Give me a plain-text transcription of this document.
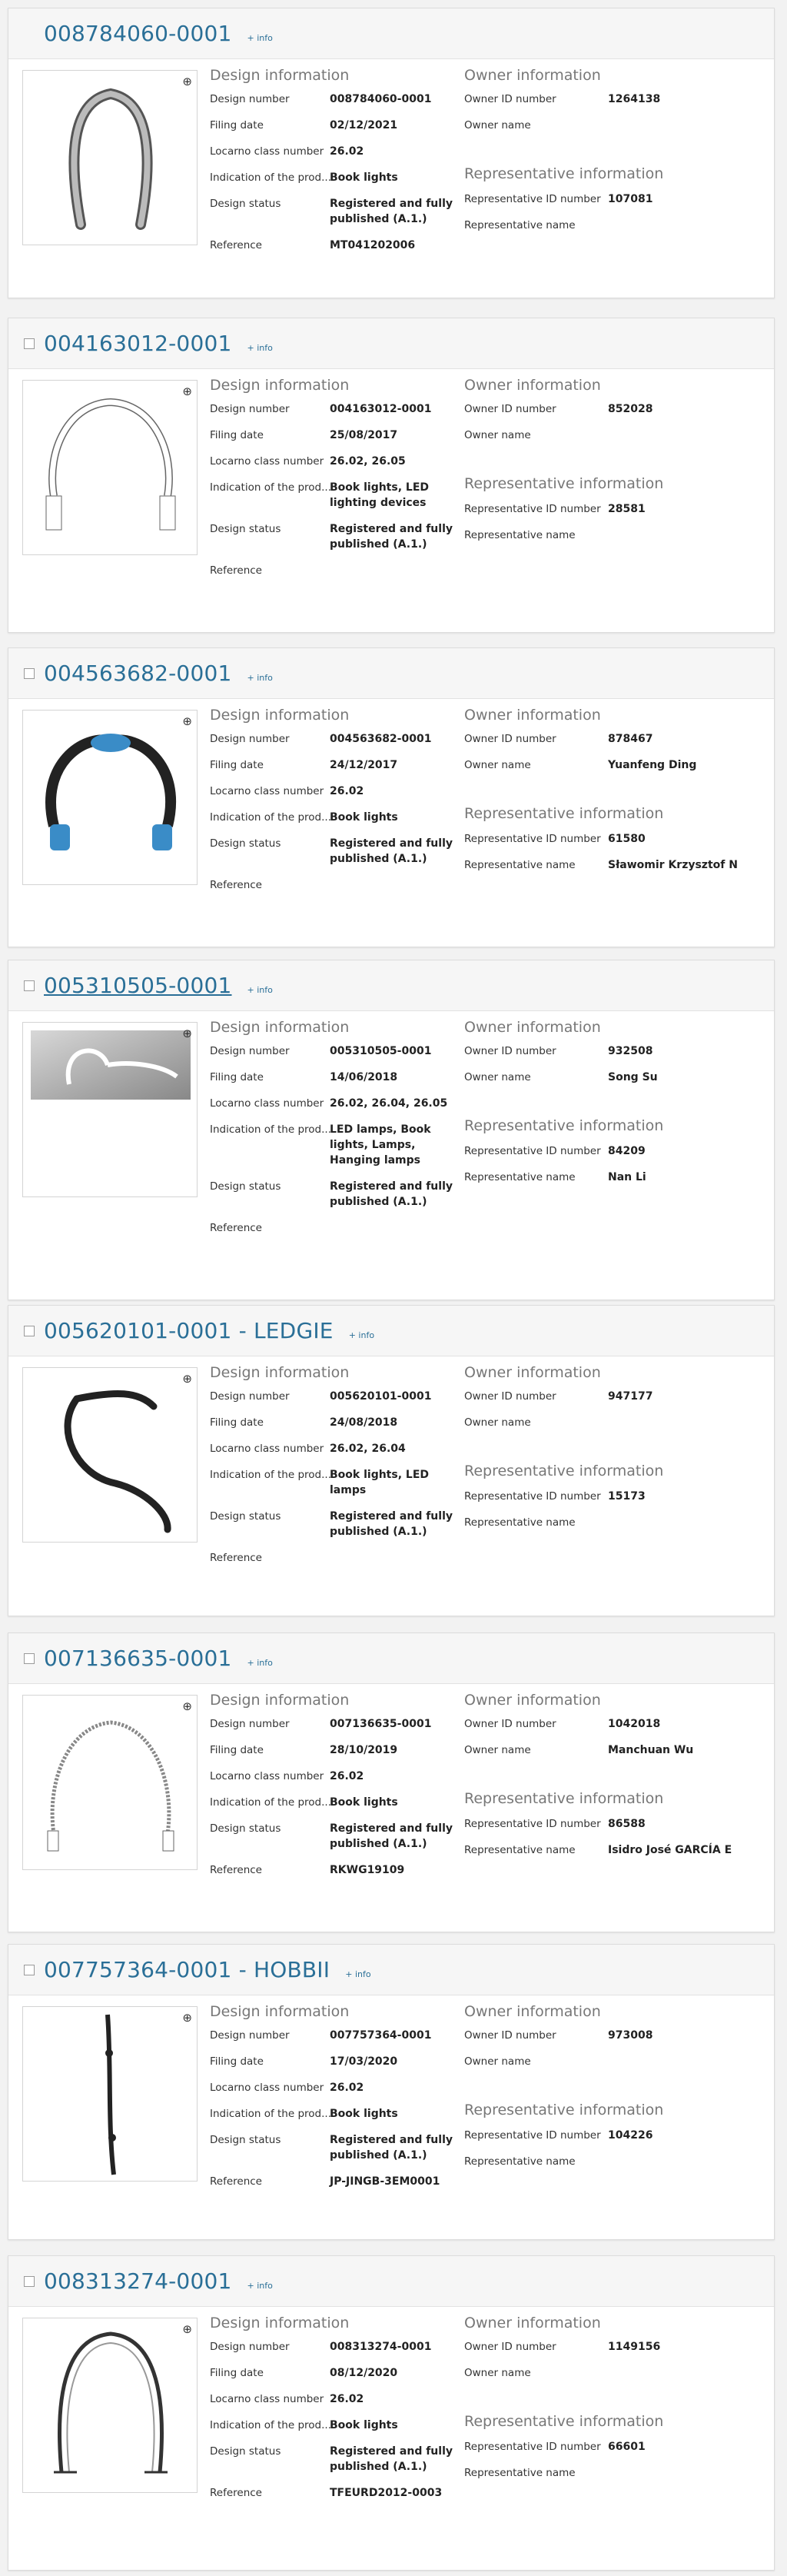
008784060-0001 + info
⊕ Design information
Design number	008784060-0001
Filing date	02/12/2021
Locarno class number 26.02
Indication of the prod...
Book lights
Design status	Registered and fully published (A.1.)
Reference	MT041202006
Owner information
Owner ID number	1264138
Owner name
Representative information
Representative ID number 107081
Representative name
004163012-0001 + info
⊕ Design information
Design number	004163012-0001
Filing date	25/08/2017
Locarno class number 26.02, 26.05
Indication of the prod...
Book lights, LED lighting devices
Design status	Registered and fully published (A.1.)
Reference
Owner information
Owner ID number	852028
Owner name
Representative information
Representative ID number 28581
Representative name
004563682-0001 + info
⊕ Design information
Design number	004563682-0001
Filing date	24/12/2017
Locarno class number 26.02
Indication of the prod...
Book lights
Design status	Registered and fully published (A.1.)
Reference
Owner information
Owner ID number	878467
Owner name	Yuanfeng Ding
Representative information
Representative ID number 61580
Representative name	Sławomir Krzysztof N
005310505-0001 + info
⊕ Design information
Design number	005310505-0001
Filing date	14/06/2018
Locarno class number 26.02, 26.04, 26.05
Indication of the prod...
LED lamps, Book lights, Lamps, Hanging lamps
Design status	Registered and fully published (A.1.)
Reference
Owner information
Owner ID number	932508
Owner name	Song Su
Representative information
Representative ID number 84209
Representative name	Nan Li
005620101-0001 - LEDGIE + info
⊕ Design information
Design number	005620101-0001
Filing date	24/08/2018
Locarno class number 26.02, 26.04
Indication of the prod...
Book lights, LED lamps
Design status	Registered and fully published (A.1.)
Reference
Owner information
Owner ID number	947177
Owner name
Representative information
Representative ID number 15173
Representative name
007136635-0001 + info
⊕ Design information
Design number	007136635-0001
Filing date	28/10/2019
Locarno class number 26.02
Indication of the prod...
Book lights
Design status	Registered and fully published (A.1.)
Reference	RKWG19109
Owner information
Owner ID number	1042018
Owner name	Manchuan Wu
Representative information
Representative ID number 86588
Representative name	Isidro José GARCÍA E
007757364-0001 - HOBBII + info
⊕ Design information
Design number	007757364-0001
Filing date	17/03/2020
Locarno class number 26.02
Indication of the prod...
Book lights
Design status	Registered and fully published (A.1.)
Reference	JP-JINGB-3EM0001
Owner information
Owner ID number	973008
Owner name
Representative information
Representative ID number 104226
Representative name
008313274-0001 + info
⊕ Design information
Design number	008313274-0001
Filing date	08/12/2020
Locarno class number 26.02
Indication of the prod...
Book lights
Design status	Registered and fully published (A.1.)
Reference	TFEURD2012-0003
Owner information
Owner ID number	1149156
Owner name
Representative information
Representative ID number 66601
Representative name
